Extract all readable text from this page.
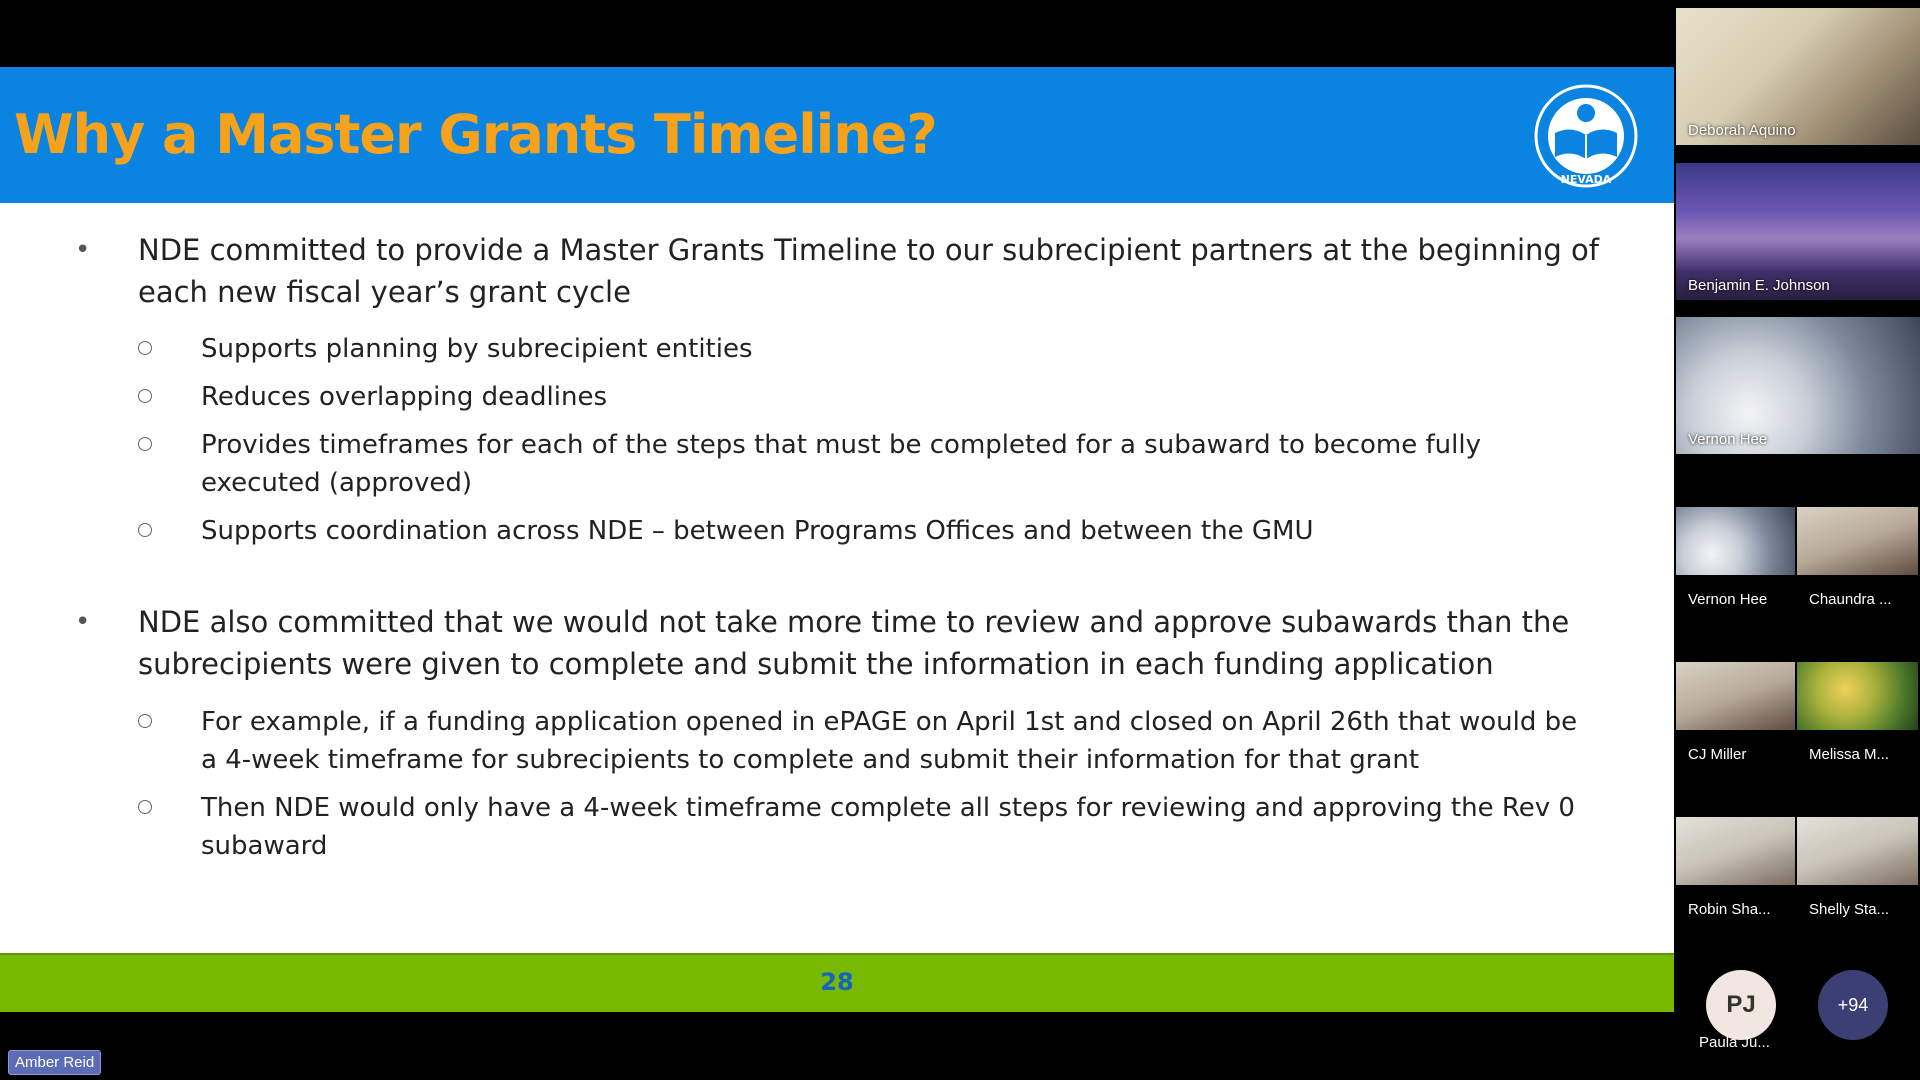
Why a Master Grants Timeline?
NEVADA
•	NDE committed to provide a Master Grants Timeline to our subrecipient partners at the beginning of each new fiscal year’s grant cycle
Supports planning by subrecipient entities
Reduces overlapping deadlines
Provides timeframes for each of the steps that must be completed for a subaward to become fully executed (approved)
Supports coordination across NDE – between Programs Offices and between the GMU
•	NDE also committed that we would not take more time to review and approve subawards than the subrecipients were given to complete and submit the information in each funding application
For example, if a funding application opened in ePAGE on April 1st and closed on April 26th that would be a 4-week timeframe for subrecipients to complete and submit their information for that grant
Then NDE would only have a 4-week timeframe complete all steps for reviewing and approving the Rev 0 subaward
28
Deborah Aquino
Benjamin E. Johnson
Vernon Hee
Vernon Hee	Chaundra ...
CJ Miller	Melissa M...
Robin Sha...	Shelly Sta...
PJ
Paula Ju...
+94
Amber Reid
